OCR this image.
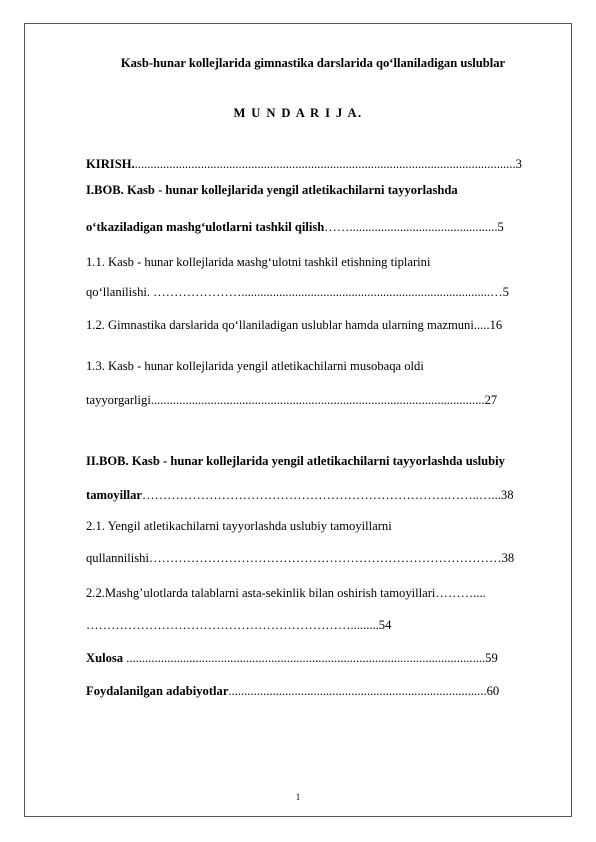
Kasb-hunar kollejlarida gimnastika darslarida qo‘llaniladigan uslublar
M U N D A R I J A.
KIRISH..........................................................................................................................3
I.BOB. Kasb - hunar kollejlarida yengil atletikachilarni tayyorlashda
o‘tkaziladigan mashg‘ulotlarni tashkil qilish……...............................................5
1.1. Kasb - hunar kollejlarida мashg‘ulotni tashkil etishning tiplarini
qo‘llanilishi. …………………...............................................................................…5
1.2. Gimnastika darslarida qo‘llaniladigan uslublar hamda ularning mazmuni.....16
1.3. Kasb - hunar kollejlarida yengil atletikachilarni musobaqa oldi
tayyorgarligi..........................................................................................................27
II.BOB. Kasb - hunar kollejlarida yengil atletikachilarni tayyorlashda uslubiy
tamoyillar……………………………………………………………….……..…...38
2.1. Yengil atletikachilarni tayyorlashda uslubiy tamoyillarni
qullannilishi…………………………………………………………………………38
2.2.Mashg’ulotlarda talablarni asta-sekinlik bilan oshirish tamoyillari………....
……………………………………………………….........54
Xulosa ..................................................................................................................59
Foydalanilgan adabiyotlar..................................................................................60
1
